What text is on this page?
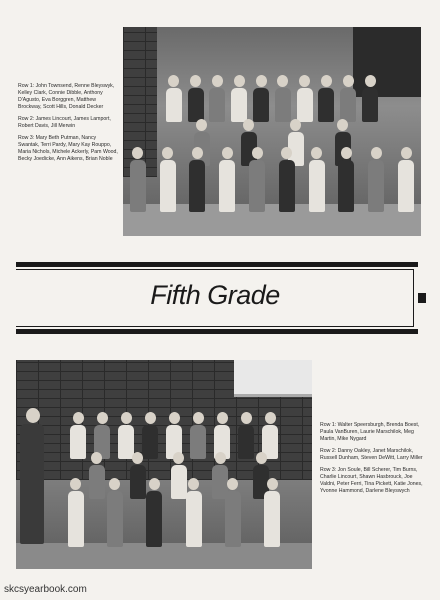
Row 1: John Townsend, Renne Bleyswyk, Kelley Clark, Connie Dibble, Anthony D'Agusto, Eva Borggren, Matthew Brockway, Scott Hills, Donald Decker

Row 2: James Lincourt, James Lamport, Robert Davis, Jill Merwin

Row 3: Mary Beth Putman, Nancy Swantak, Terri Pardy, Mary Kay Rouppo, Maria Nichols, Michele Ackerly, Pam Wood, Becky Joedicke, Ann Aikens, Brian Noble

Fifth Grade

Row 1: Walter Speersburgh, Brenda Boest, Paula VanBuren, Laurie Marschilok, Meg Martin, Mike Nygard

Row 2: Danny Oakley, Janet Marschilok, Russell Dunham, Steven DeWitt, Larry Miller

Row 3: Jon Soule, Bill Scherer, Tim Burns, Charlie Lincourt, Shawn Hasbrouck, Joe Valdni, Peter Ferri, Tina Pickett, Katie Jones, Yvonne Hammond, Darlene Bleyswych

skcsyearbook.com
